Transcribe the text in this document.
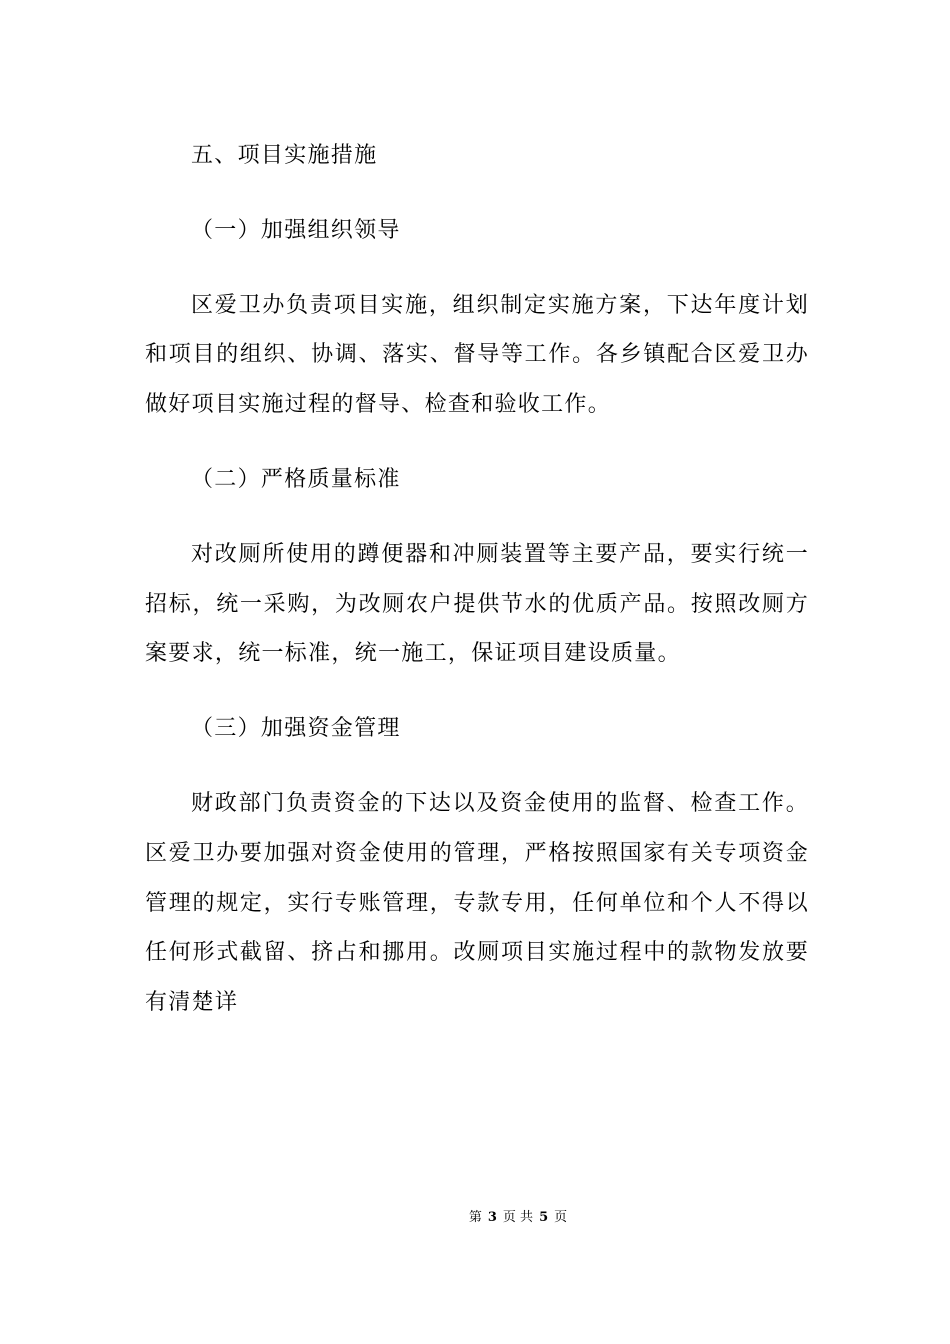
五、项目实施措施

（一）加强组织领导

区爱卫办负责项目实施，组织制定实施方案，下达年度计划和项目的组织、协调、落实、督导等工作。各乡镇配合区爱卫办做好项目实施过程的督导、检查和验收工作。

（二）严格质量标准

对改厕所使用的蹲便器和冲厕装置等主要产品，要实行统一招标，统一采购，为改厕农户提供节水的优质产品。按照改厕方案要求，统一标准，统一施工，保证项目建设质量。

（三）加强资金管理

财政部门负责资金的下达以及资金使用的监督、检查工作。区爱卫办要加强对资金使用的管理，严格按照国家有关专项资金管理的规定，实行专账管理，专款专用，任何单位和个人不得以任何形式截留、挤占和挪用。改厕项目实施过程中的款物发放要有清楚详

第 3 页 共 5 页
